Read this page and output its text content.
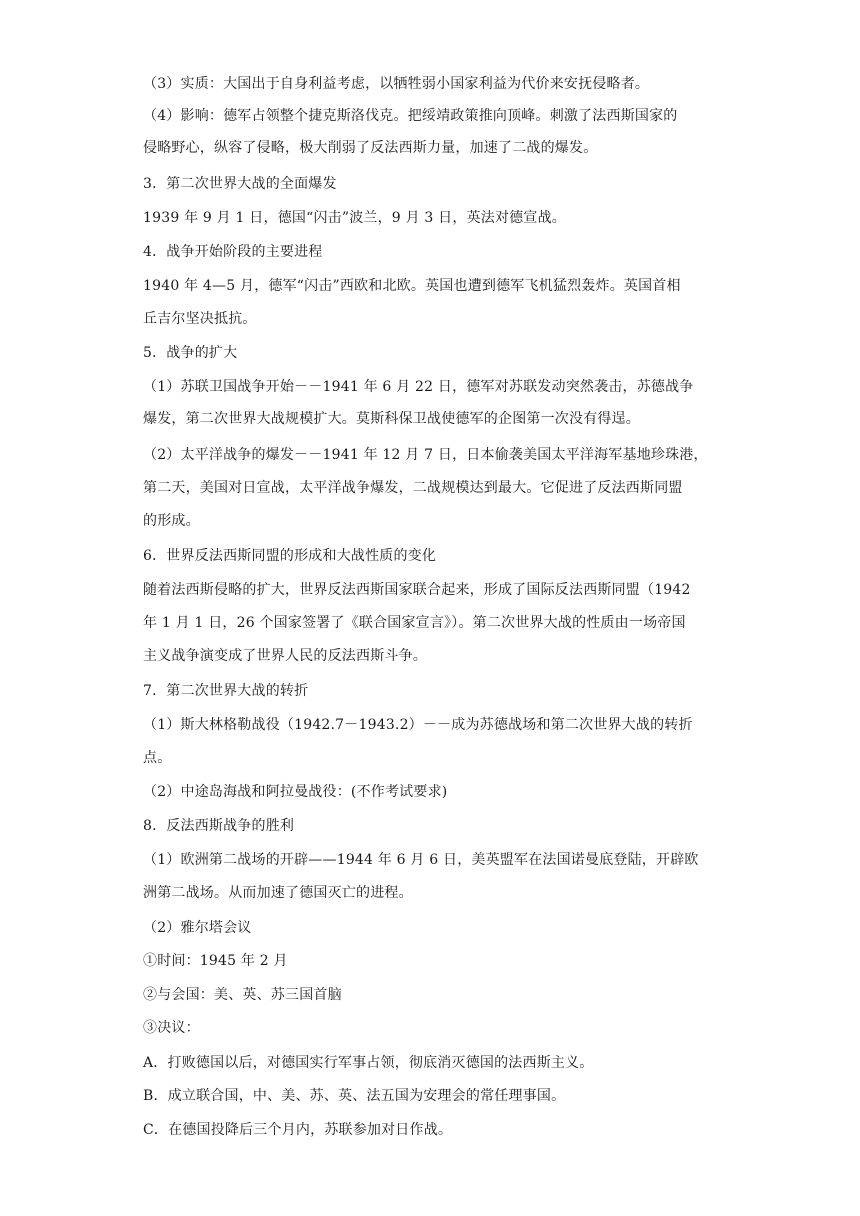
（3）实质：大国出于自身利益考虑，以牺牲弱小国家利益为代价来安抚侵略者。
（4）影响：德军占领整个捷克斯洛伐克。把绥靖政策推向顶峰。刺激了法西斯国家的
侵略野心，纵容了侵略，极大削弱了反法西斯力量，加速了二战的爆发。
3．第二次世界大战的全面爆发
1939 年 9 月 1 日，德国“闪击”波兰，9 月 3 日，英法对德宣战。
4．战争开始阶段的主要进程
1940 年 4—5 月，德军“闪击”西欧和北欧。英国也遭到德军飞机猛烈轰炸。英国首相
丘吉尔坚决抵抗。
5．战争的扩大
（1）苏联卫国战争开始－－1941 年 6 月 22 日，德军对苏联发动突然袭击，苏德战争
爆发，第二次世界大战规模扩大。莫斯科保卫战使德军的企图第一次没有得逞。
（2）太平洋战争的爆发－－1941 年 12 月 7 日，日本偷袭美国太平洋海军基地珍珠港，
第二天，美国对日宣战，太平洋战争爆发，二战规模达到最大。它促进了反法西斯同盟
的形成。
6．世界反法西斯同盟的形成和大战性质的变化
随着法西斯侵略的扩大，世界反法西斯国家联合起来，形成了国际反法西斯同盟（1942
年 1 月 1 日，26 个国家签署了《联合国家宣言》）。第二次世界大战的性质由一场帝国
主义战争演变成了世界人民的反法西斯斗争。
7．第二次世界大战的转折
（1）斯大林格勒战役（1942.7－1943.2）－－成为苏德战场和第二次世界大战的转折
点。
（2）中途岛海战和阿拉曼战役：(不作考试要求)
8．反法西斯战争的胜利
（1）欧洲第二战场的开辟——1944 年 6 月 6 日，美英盟军在法国诺曼底登陆，开辟欧
洲第二战场。从而加速了德国灭亡的进程。
（2）雅尔塔会议
①时间：1945 年 2 月
②与会国：美、英、苏三国首脑
③决议：
A．打败德国以后，对德国实行军事占领，彻底消灭德国的法西斯主义。
B．成立联合国，中、美、苏、英、法五国为安理会的常任理事国。
C．在德国投降后三个月内，苏联参加对日作战。
